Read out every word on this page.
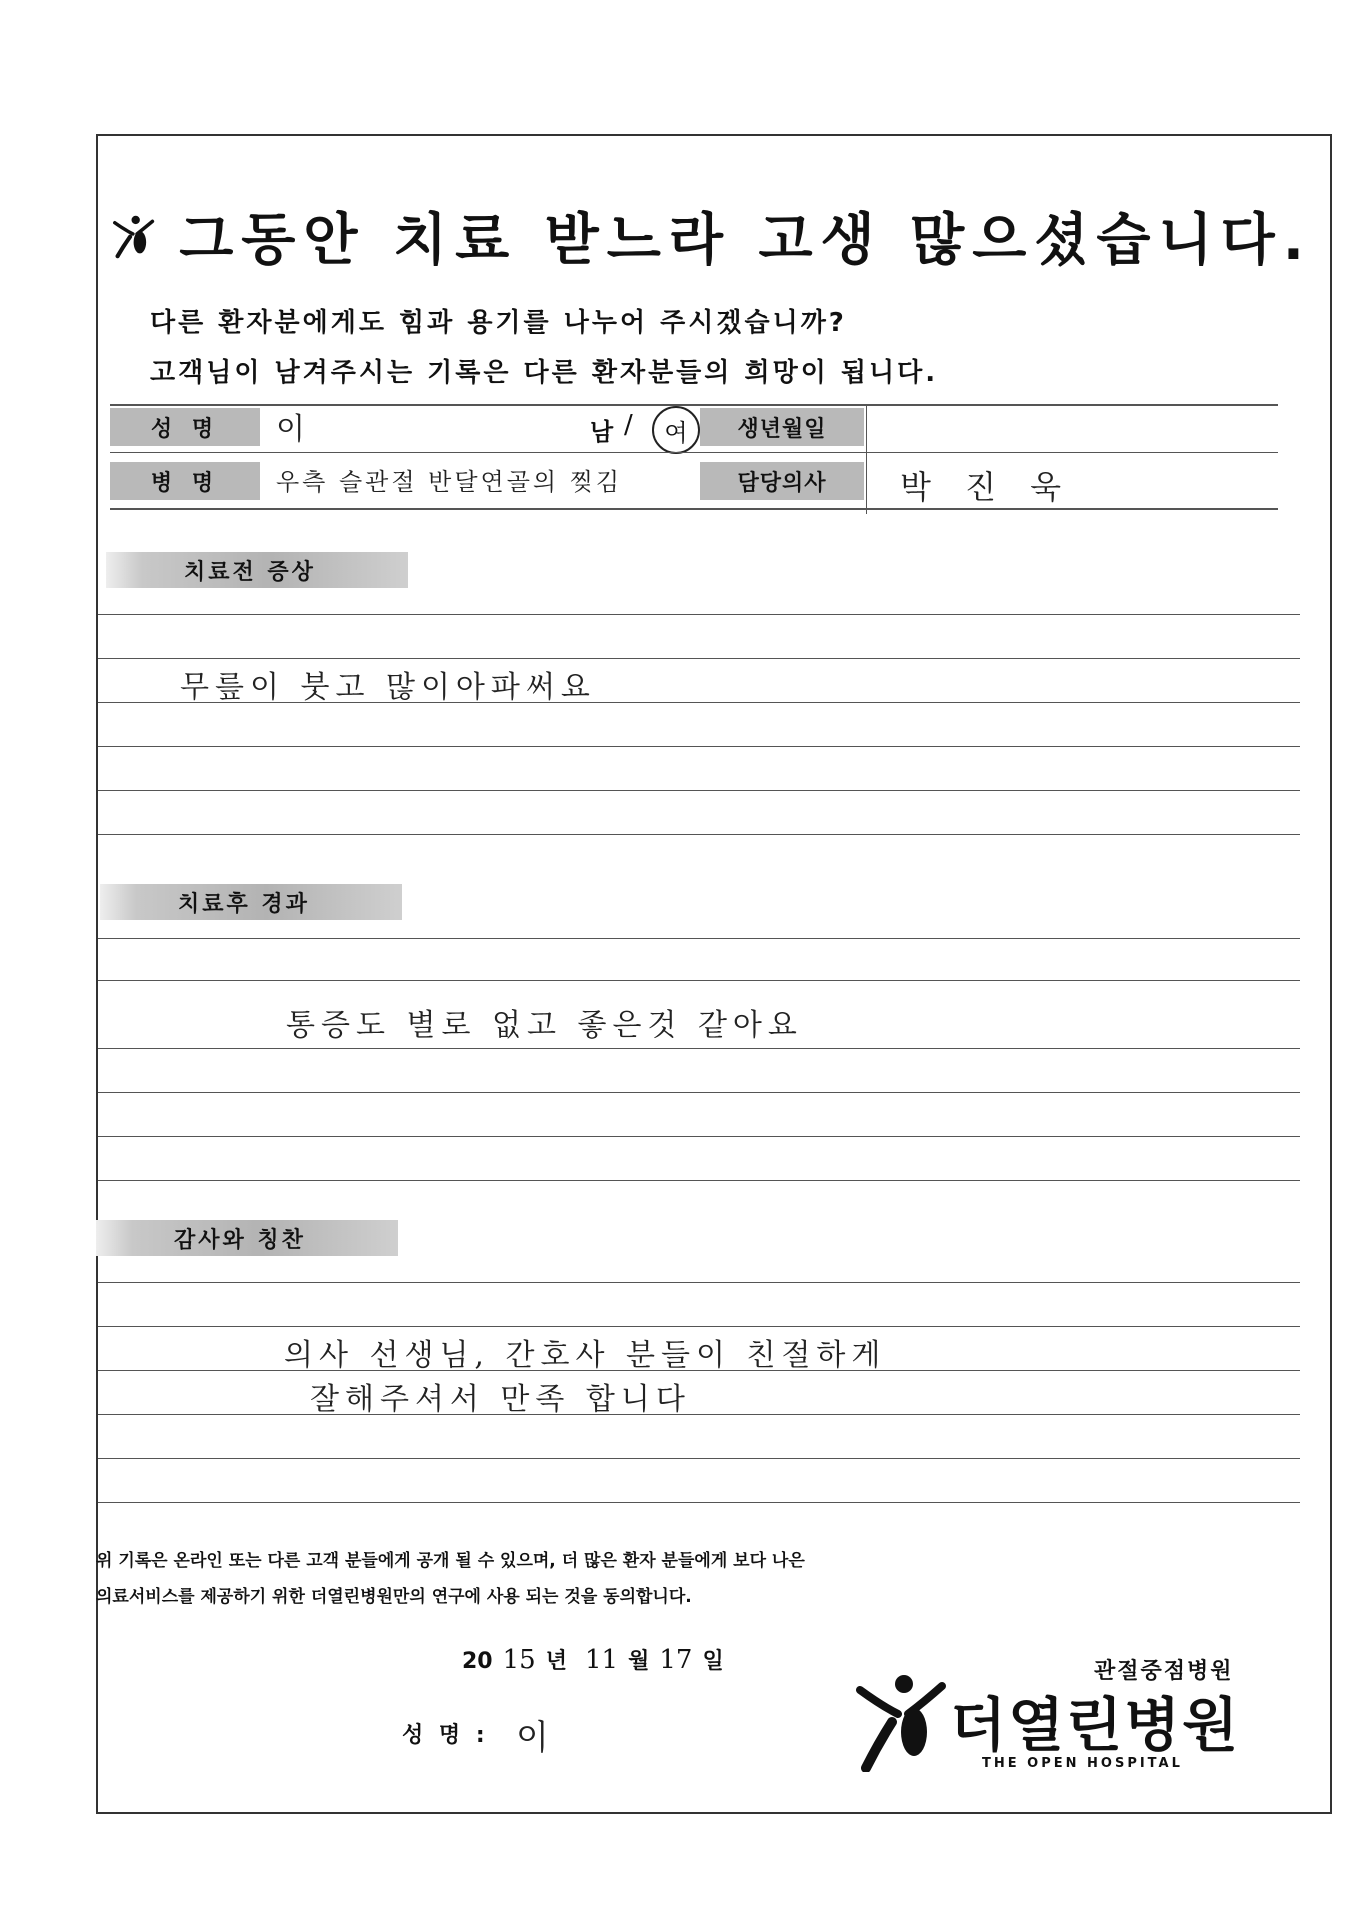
그동안 치료 받느라 고생 많으셨습니다.
다른 환자분에게도 힘과 용기를 나누어 주시겠습니까?
고객님이 남겨주시는 기록은 다른 환자분들의 희망이 됩니다.
성 명	이	남 /	여	생년월일
병 명	우측 슬관절 반달연골의 찢김	담당의사	박 진 욱
치료전 증상
무릎이 붓고 많이아파써요
치료후 경과
통증도 별로 없고 좋은것 같아요
감사와 칭찬
의사 선생님, 간호사 분들이 친절하게
잘해주셔서 만족 합니다
위 기록은 온라인 또는 다른 고객 분들에게 공개 될 수 있으며, 더 많은 환자 분들에게 보다 나은
의료서비스를 제공하기 위한 더열린병원만의 연구에 사용 되는 것을 동의합니다.
20 15 년 11 월 17 일
성 명 : 이
관절중점병원
더열린병원
THE OPEN HOSPITAL
